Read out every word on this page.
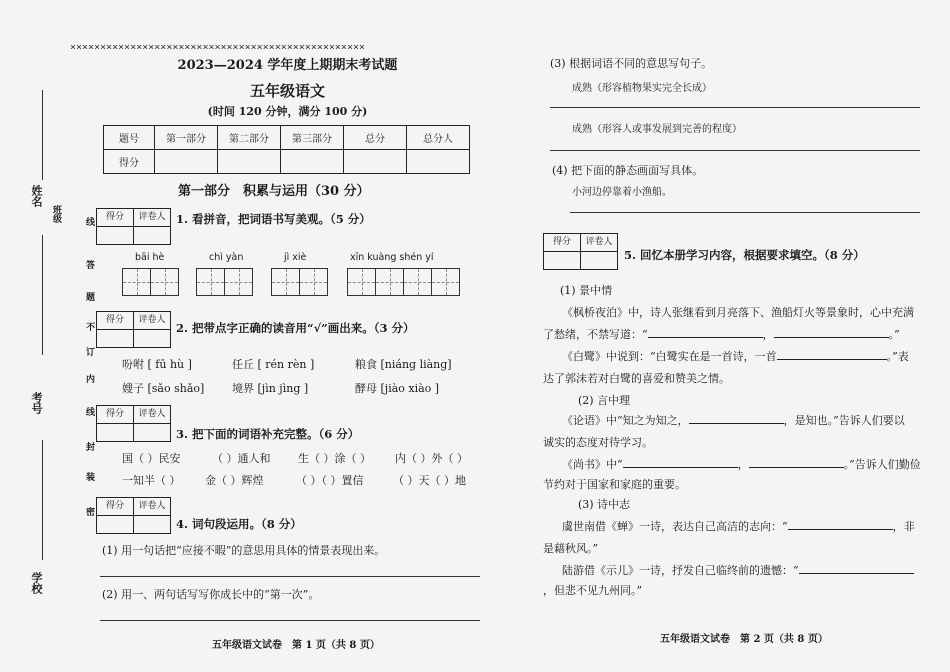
×××××××××××××××××××××××××××××××××××××××××××××××××
姓名
考号
学校
线
答
题
不
订
内
线
封
装
密
班级
2023—2024 学年度上期期末考试题
五年级语文
(时间 120 分钟，满分 100 分)
题号	第一部分	第二部分	第三部分	总分	总分人
得分					
第一部分　积累与运用（30 分）
得分	评卷人 1. 看拼音，把词语书写美观。（5 分）
bāi hè	chì yàn	jì xiè	xīn kuàng shén yí
得分	评卷人
2. 把带点字正确的读音用“√”画出来。（3 分）
吩咐 [ fū hù ]	任丘 [ rén rèn ]	粮食 [niáng liàng]
嫂子 [sǎo shǎo]	境界 [jìn jìng ]	酵母 [jiào xiào ]
得分	评卷人
3. 把下面的词语补充完整。（6 分）
国（ ）民安	（ ）通人和	生（ ）涂（ ） 内（ ）外（ ）
一知半（ ） 金（ ）辉煌	（ ）（ ）置信	（ ）天（ ）地
得分	评卷人
4. 词句段运用。（8 分）
(1) 用一句话把“应接不暇”的意思用具体的情景表现出来。
(2) 用一、两句话写写你成长中的“第一次”。
五年级语文试卷　第 1 页（共 8 页）
(3) 根据词语不同的意思写句子。
成熟（形容植物果实完全长成）
成熟（形容人或事发展到完善的程度）
(4) 把下面的静态画面写具体。
小河边停靠着小渔船。
得分	评卷人
5. 回忆本册学习内容，根据要求填空。（8 分）
(1) 景中情
《枫桥夜泊》中，诗人张继看到月亮落下、渔船灯火等景象时，心中充满
了愁绪，不禁写道：“	，	。”
《白鹭》中说到：“白鹭实在是一首诗，一首	。”表
达了郭沫若对白鹭的喜爱和赞美之情。
(2) 言中理
《论语》中“知之为知之，	，是知也。”告诉人们要以
诚实的态度对待学习。
《尚书》中“	，	。”告诉人们勤俭
节约对于国家和家庭的重要。
(3) 诗中志
虞世南借《蝉》一诗，表达自己高洁的志向：“	，非
是藉秋风。”
陆游借《示儿》一诗，抒发自己临终前的遗憾：“
，但悲不见九州同。”
五年级语文试卷　第 2 页（共 8 页）
